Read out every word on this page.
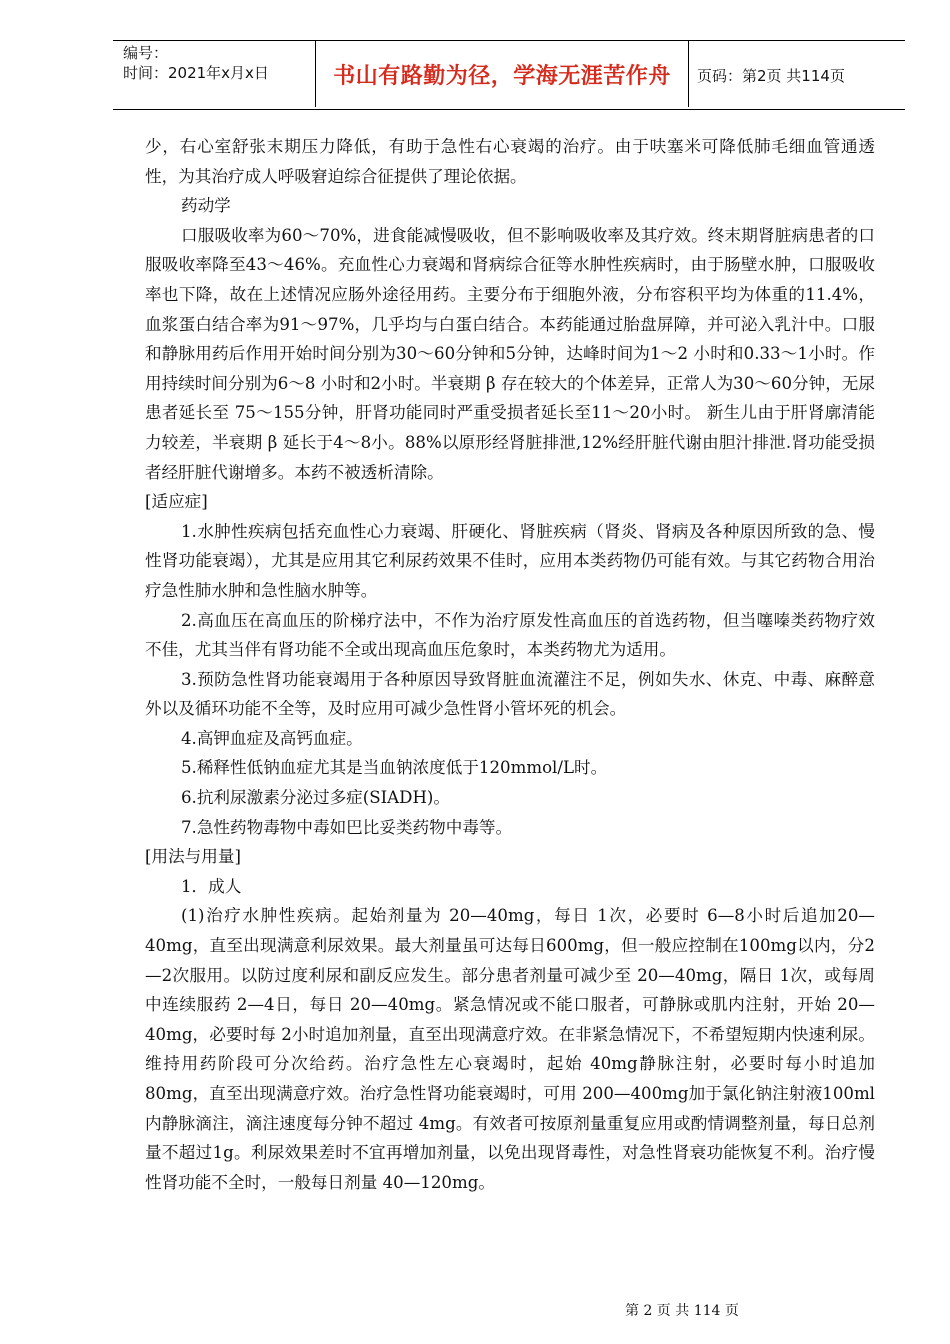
编号：
时间：2021年x月x日	书山有路勤为径，学海无涯苦作舟	页码：第2页 共114页

少，右心室舒张末期压力降低，有助于急性右心衰竭的治疗。由于呋塞米可降低肺毛细血管通透性，为其治疗成人呼吸窘迫综合征提供了理论依据。

药动学

口服吸收率为60～70%，进食能减慢吸收，但不影响吸收率及其疗效。终末期肾脏病患者的口服吸收率降至43～46%。充血性心力衰竭和肾病综合征等水肿性疾病时，由于肠壁水肿，口服吸收率也下降，故在上述情况应肠外途径用药。主要分布于细胞外液，分布容积平均为体重的11.4%，血浆蛋白结合率为91～97%，几乎均与白蛋白结合。本药能通过胎盘屏障，并可泌入乳汁中。口服和静脉用药后作用开始时间分别为30～60分钟和5分钟，达峰时间为1～2 小时和0.33～1小时。作用持续时间分别为6～8 小时和2小时。半衰期 β 存在较大的个体差异，正常人为30～60分钟，无尿患者延长至 75～155分钟，肝肾功能同时严重受损者延长至11～20小时。 新生儿由于肝肾廓清能力较差，半衰期 β 延长于4～8小。88%以原形经肾脏排泄,12%经肝脏代谢由胆汁排泄.肾功能受损者经肝脏代谢增多。本药不被透析清除。

[适应症]

1.水肿性疾病包括充血性心力衰竭、肝硬化、肾脏疾病（肾炎、肾病及各种原因所致的急、慢性肾功能衰竭），尤其是应用其它利尿药效果不佳时，应用本类药物仍可能有效。与其它药物合用治疗急性肺水肿和急性脑水肿等。

2.高血压在高血压的阶梯疗法中，不作为治疗原发性高血压的首选药物，但当噻嗪类药物疗效不佳，尤其当伴有肾功能不全或出现高血压危象时，本类药物尤为适用。

3.预防急性肾功能衰竭用于各种原因导致肾脏血流灌注不足，例如失水、休克、中毒、麻醉意外以及循环功能不全等，及时应用可减少急性肾小管坏死的机会。

4.高钾血症及高钙血症。

5.稀释性低钠血症尤其是当血钠浓度低于120mmol/L时。

6.抗利尿激素分泌过多症(SIADH)。

7.急性药物毒物中毒如巴比妥类药物中毒等。

[用法与用量]

1．成人

(1)治疗水肿性疾病。起始剂量为 20—40mg，每日 1次，必要时 6—8小时后追加20—40mg，直至出现满意利尿效果。最大剂量虽可达每日600mg，但一般应控制在100mg以内，分2—2次服用。以防过度利尿和副反应发生。部分患者剂量可减少至 20—40mg，隔日 1次，或每周中连续服药 2—4日，每日 20—40mg。紧急情况或不能口服者，可静脉或肌内注射，开始 20—40mg，必要时每 2小时追加剂量，直至出现满意疗效。在非紧急情况下，不希望短期内快速利尿。维持用药阶段可分次给药。治疗急性左心衰竭时，起始 40mg静脉注射，必要时每小时追加 80mg，直至出现满意疗效。治疗急性肾功能衰竭时，可用 200—400mg加于氯化钠注射液100ml内静脉滴注，滴注速度每分钟不超过 4mg。有效者可按原剂量重复应用或酌情调整剂量，每日总剂量不超过1g。利尿效果差时不宜再增加剂量，以免出现肾毒性，对急性肾衰功能恢复不利。治疗慢性肾功能不全时，一般每日剂量 40—120mg。

第 2 页 共 114 页
